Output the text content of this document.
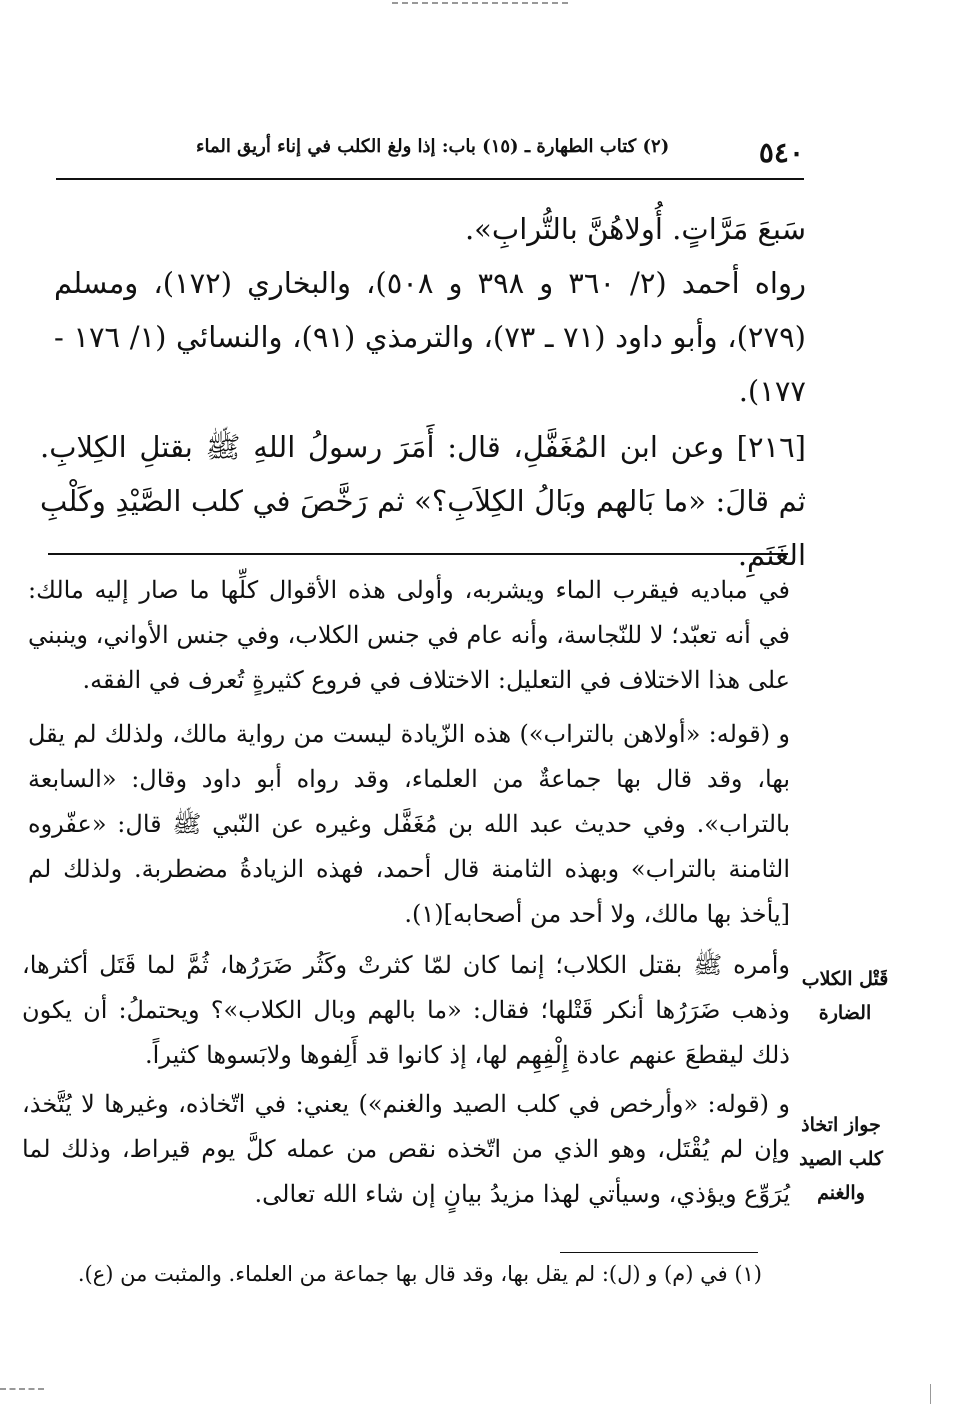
٥٤٠
(٢) كتاب الطهارة ـ (١٥) باب: إذا ولغ الكلب في إناء أريق الماء

سَبعَ مَرَّاتٍ. أُولاهُنَّ بالتُّرابِ».

رواه أحمد (٢/ ٣٦٠ و ٣٩٨ و ٥٠٨)، والبخاري (١٧٢)، ومسلم (٢٧٩)، وأبو داود (٧١ ـ ٧٣)، والترمذي (٩١)، والنسائي (١/ ١٧٦ - ١٧٧).

[٢١٦] وعن ابن المُغَفَّلِ، قال: أَمَرَ رسولُ اللهِ ﷺ بقتلِ الكِلابِ. ثم قالَ: «ما بَالهم وبَالُ الكِلاَبِ؟» ثم رَخَّصَ في كلب الصَّيْدِ وكَلْبِ الغَنَمِ.

في مباديه فيقرب الماء ويشربه، وأولى هذه الأقوال كلِّها ما صار إليه مالك: في أنه تعبّد؛ لا للنّجاسة، وأنه عام في جنس الكلاب، وفي جنس الأواني، وينبني على هذا الاختلاف في التعليل: الاختلاف في فروع كثيرةٍ تُعرف في الفقه.

و (قوله: «أولاهن بالتراب») هذه الزّيادة ليست من رواية مالك، ولذلك لم يقل بها، وقد قال بها جماعةٌ من العلماء، وقد رواه أبو داود وقال: «السابعة بالتراب». وفي حديث عبد الله بن مُغَفَّل وغيره عن النّبي ﷺ قال: «عفّروه الثامنة بالتراب» وبهذه الثامنة قال أحمد، فهذه الزيادةُ مضطربة. ولذلك لم [يأخذ بها مالك، ولا أحد من أصحابه](١).

وأمره ﷺ بقتل الكلاب؛ إنما كان لمّا كثرتْ وكَثُر ضَرَرُها، ثُمَّ لما قَتَل أكثرها، وذهب ضَرَرُها أنكر قَتْلها؛ فقال: «ما بالهم وبال الكلاب»؟ ويحتملُ: أن يكون ذلك ليقطعَ عنهم عادة إِلْفِهِم لها، إذ كانوا قد أَلِفوها ولابَسوها كثيراً.

و (قوله: «وأرخص في كلب الصيد والغنم») يعني: في اتّخاذه، وغيرها لا يُتَّخذ، وإن لم يُقْتَل، وهو الذي من اتّخذه نقص من عمله كلَّ يوم قيراط، وذلك لما يُرَوِّع ويؤذي، وسيأتي لهذا مزيدُ بيانٍ إن شاء الله تعالى.

قَتْل الكلاب الضارة
جواز اتخاذ كلب الصيد والغنم

(١) في (م) و (ل): لم يقل بها، وقد قال بها جماعة من العلماء. والمثبت من (ع).
